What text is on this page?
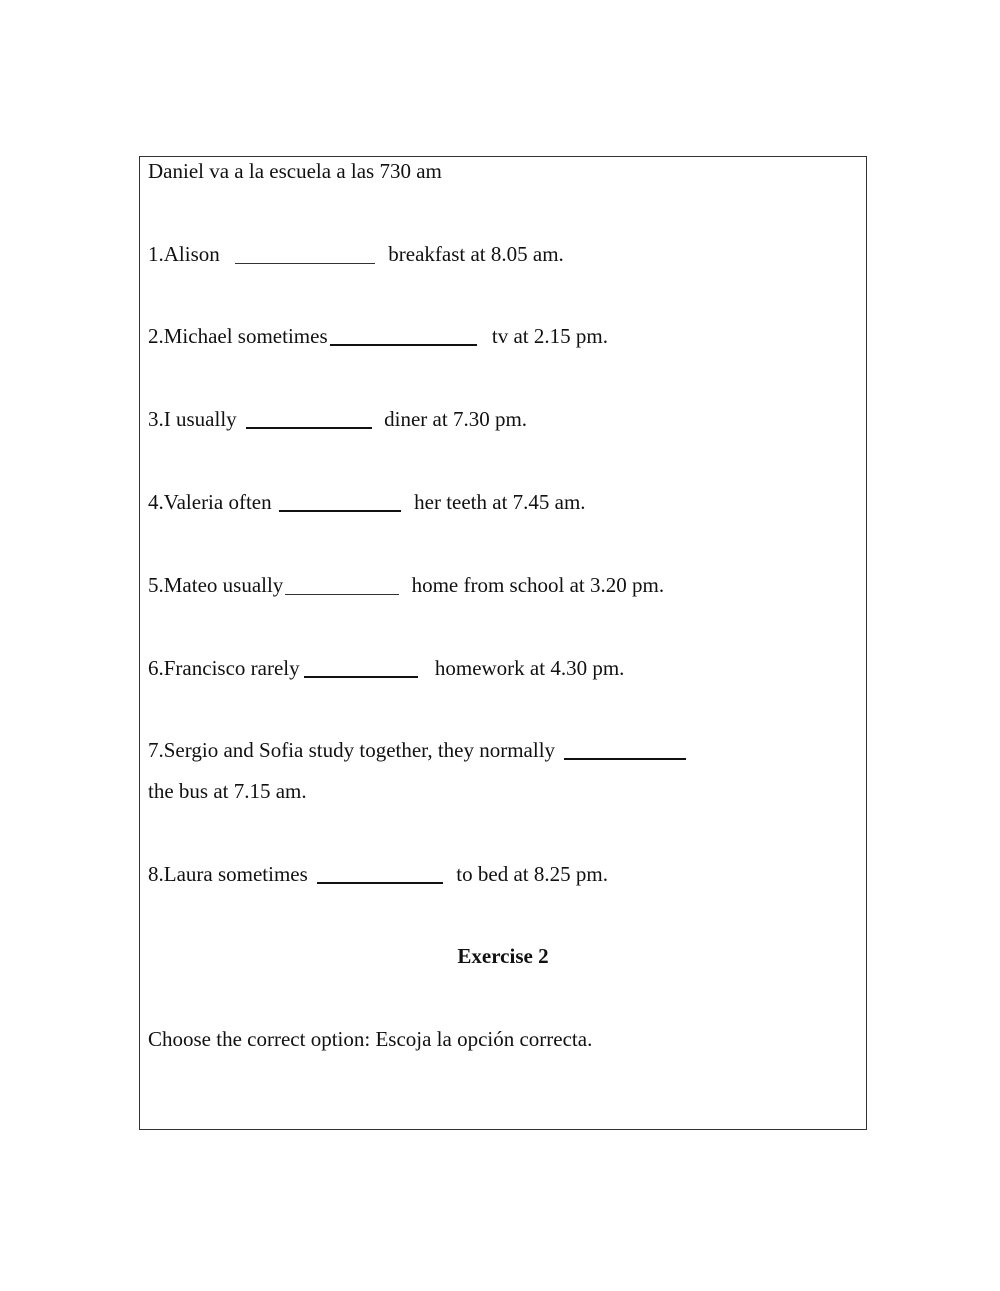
Daniel va a la escuela a las 730 am
1.Alison	breakfast at 8.05 am.
2.Michael sometimes	tv at 2.15 pm.
3.I usually	diner at 7.30 pm.
4.Valeria often	her teeth at 7.45 am.
5.Mateo usually	home from school at 3.20 pm.
6.Francisco rarely	homework at 4.30 pm.
7.Sergio and Sofia study together, they normally
the bus at 7.15 am.
8.Laura sometimes	to bed at 8.25 pm.
Exercise 2
Choose the correct option: Escoja la opción correcta.
